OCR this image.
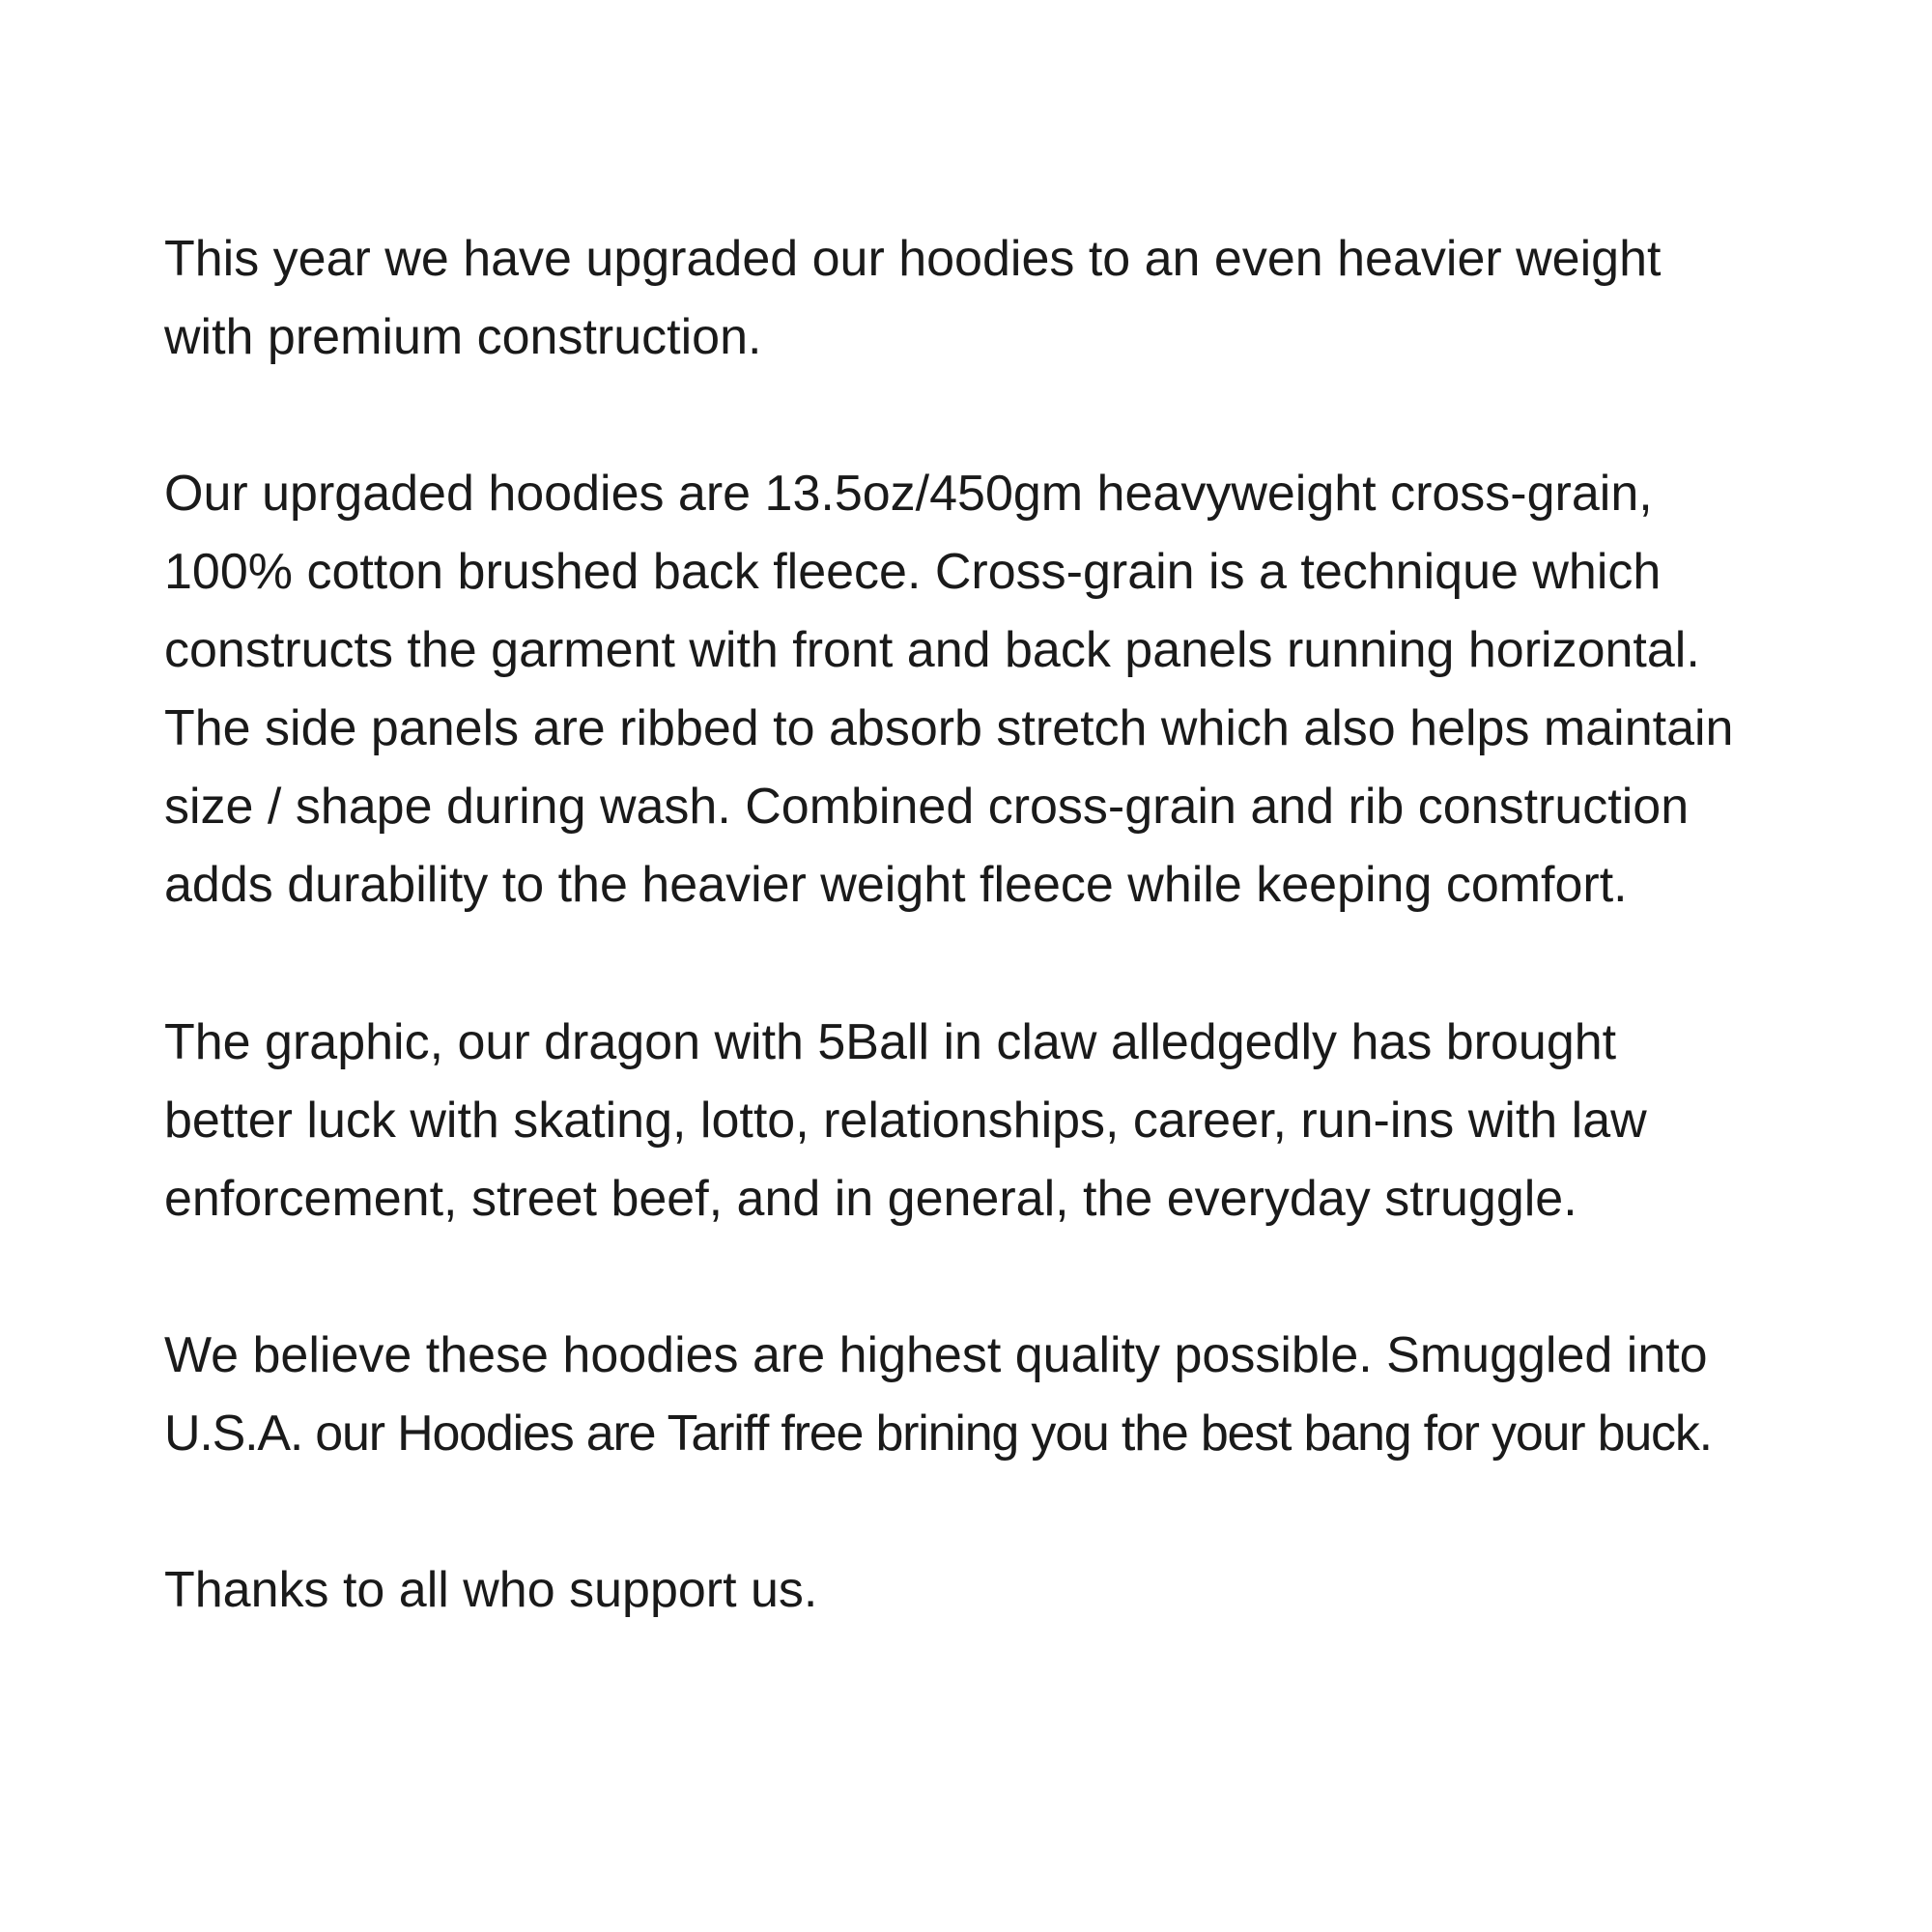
This year we have upgraded our hoodies to an even heavier weight
with premium construction.
Our uprgaded hoodies are 13.5oz/450gm heavyweight cross-grain,
100% cotton brushed back fleece. Cross-grain is a technique which
constructs the garment with front and back panels running horizontal.
The side panels are ribbed to absorb stretch which also helps maintain
size / shape during wash. Combined cross-grain and rib construction
adds durability to the heavier weight fleece while keeping comfort.
The graphic, our dragon with 5Ball in claw alledgedly has brought
better luck with skating, lotto, relationships, career, run-ins with law
enforcement, street beef, and in general, the everyday struggle.
We believe these hoodies are highest quality possible. Smuggled into
U.S.A. our Hoodies are Tariff free brining you the best bang for your buck.
Thanks to all who support us.
